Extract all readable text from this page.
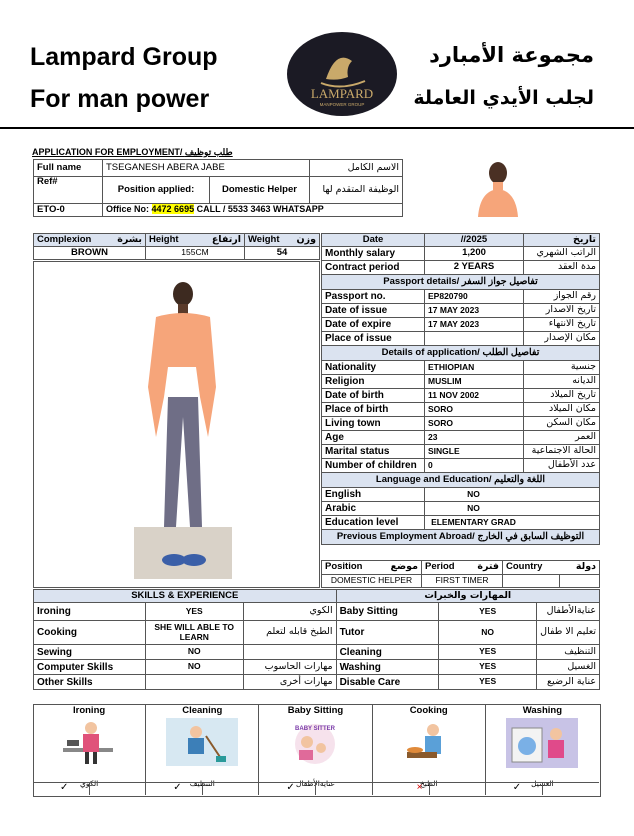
Lampard Group
For man power	LAMPARD
MANPOWER GROUP
مجموعة الأمبارد
لجلب الأيدي العاملة
APPLICATION FOR EMPLOYMENT/ طلب توظيف
Full name	TSEGANESH ABERA JABE		الاسم الكامل
Ref#	Position applied:	Domestic Helper	الوظيفة المتقدم لها
ETO-0	Office No: 4472 6695 CALL / 5533 3463 WHATSAPP		
Complexion بشرة	Height ارتفاع	Weight وزن

BROWN	155CM	54
Date	//2025	تاريخ
Monthly salary	1,200	الراتب الشهري
Contract period	2 YEARS	مدة العقد
Passport details/ تفاصيل جواز السفر		
Passport no.	EP820790	رقم الجواز
Date of issue	17 MAY 2023	تاريخ الاصدار
Date of expire	17 MAY 2023	تاريخ الانتهاء
Place of issue		مكان الإصدار
Details of application/ تفاصيل الطلب		
Nationality	ETHIOPIAN	جنسية
Religion	MUSLIM	الديانه
Date of birth	11 NOV 2002	تاريخ الميلاد
Place of birth	SORO	مكان الميلاد
Living town	SORO	مكان السكن
Age	23	العمر
Marital status	SINGLE	الحالة الاجتماعية
Number of children	0	عدد الأطفال
Language and Education/ اللغة والتعليم		
English	NO	
Arabic	NO	
Education level	ELEMENTARY GRAD	
Previous Employment Abroad/ التوظيف السابق في الخارج		
Position موضع	Period فترة	Country دولة	

DOMESTIC HELPER	FIRST TIMER		
SKILLS & EXPERIENCE			المهارات والخبرات		
Ironing	YES	الكوي	Baby Sitting	YES	عنايةالأطفال
Cooking	SHE WILL ABLE TO LEARN	الطبخ قابله لتعلم	Tutor	NO	تعليم الا طفال
Sewing	NO		Cleaning	YES	التنظيف
Computer Skills	NO	مهارات الحاسوب	Washing	YES	الغسيل
Other Skills		مهارات أخرى	Disable Care	YES	عناية الرضيع
Ironing
الكوي
✓
Cleaning
التنظيف
✓
Baby Sitting
BABY SITTER
عنايةالأطفال
✓
Cooking
الطبخ
×
Washing
الغسيل
✓
